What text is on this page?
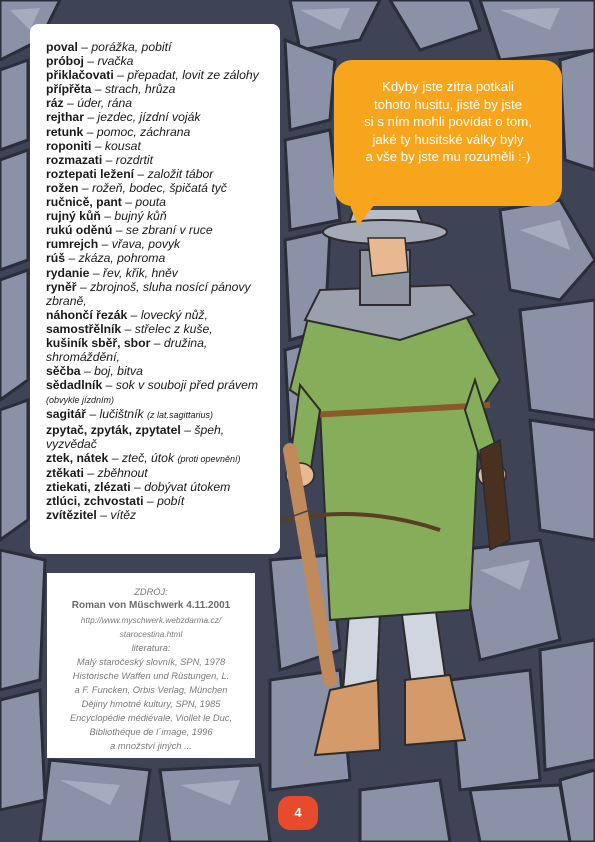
poval – porážka, pobití
próboj – rvačka
přiklačovati – přepadat, lovit ze zálohy
přípřěta – strach, hrůza
ráz – úder, rána
rejthar – jezdec, jízdní voják
retunk – pomoc, záchrana
roponiti – kousat
rozmazati – rozdrtit
roztepati ležení – založit tábor
rožen – rožeň, bodec, špičatá tyč
ručnicě, pant – pouta
rujný kůň – bujný kůň
rukú oděnú – se zbraní v ruce
rumrejch – vřava, povyk
rúš – zkáza, pohroma
rydanie – řev, křik, hněv
ryněř – zbrojnoš, sluha nosící pánovy zbraně,
náhončí řezák – lovecký nůž,
samostřělník – střelec z kuše,
kušiník sběř, sbor – družina, shromáždění,
sěčba – boj, bitva
sědadlník – sok v souboji před právem (obvykle jízdním)
sagitář – lučištník (z lat.sagittarius)
zpytač, zpyták, zpytatel – špeh, vyzvědač
ztek, nátek – zteč, útok (proti opevnění)
ztěkati – zběhnout
ztiekati, zlézati – dobývat útokem
ztlúci, zchvostati – pobít
zvítězitel – vítěz
Kdyby jste zítra potkali
tohoto husitu, jistě by jste
si s ním mohli povídat o tom,
jaké ty husitské války byly
a vše by jste mu rozuměli :-)
ZDROJ:
Roman von Müschwerk 4.11.2001
http://www.myschwerk.webzdarma.cz/
starocestina.html
literatura:
Malý staročeský slovník, SPN, 1978
Historische Waffen und Rüstungen, L.
a F. Funcken, Orbis Verlag, München
Dějiny hmotné kultury, SPN, 1985
Encyclopédie médiévale, Viollet le Duc,
Bibliothéque de l´image, 1996
a množství jiných ...
4
